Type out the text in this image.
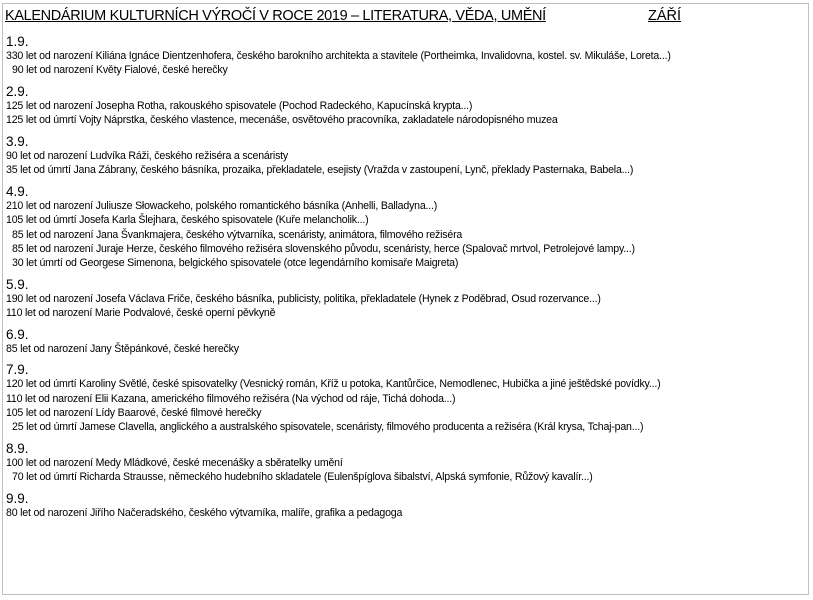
KALENDÁRIUM KULTURNÍCH VÝROČÍ V ROCE 2019 – LITERATURA, VĚDA, UMĚNÍ	ZÁŘÍ
1.9.
330 let od narození Kiliána Ignáce Dientzenhofera, českého barokního architekta a stavitele (Portheimka, Invalidovna, kostel. sv. Mikuláše, Loreta...)
90 let od narození Květy Fialové, české herečky
2.9.
125 let od narození Josepha Rotha, rakouského spisovatele (Pochod Radeckého, Kapucínská krypta...)
125 let od úmrtí Vojty Náprstka, českého vlastence, mecenáše, osvětového pracovníka, zakladatele národopisného muzea
3.9.
90 let od narození Ludvíka Ráži, českého režiséra a scenáristy
35 let od úmrtí Jana Zábrany, českého básníka, prozaika, překladatele, esejisty (Vražda v zastoupení, Lynč, překlady Pasternaka, Babela...)
4.9.
210 let od narození Juliusze Słowackeho, polského romantického básníka (Anhelli, Balladyna...)
105 let od úmrtí Josefa Karla Šlejhara, českého spisovatele (Kuře melancholik...)
85 let od narození Jana Švankmajera, českého výtvarníka, scenáristy, animátora, filmového režiséra
85 let od narození Juraje Herze, českého filmového režiséra slovenského původu, scenáristy, herce (Spalovač mrtvol, Petrolejové lampy...)
30 let úmrtí od Georgese Simenona, belgického spisovatele (otce legendárního komisaře Maigreta)
5.9.
190 let od narození Josefa Václava Friče, českého básníka, publicisty, politika, překladatele (Hynek z Poděbrad, Osud rozervance...)
110 let od narození Marie Podvalové, české operní pěvkyně
6.9.
85 let od narození Jany Štěpánkové, české herečky
7.9.
120 let od úmrtí Karoliny Světlé, české spisovatelky (Vesnický román, Kříž u potoka, Kantůrčice, Nemodlenec, Hubička a jiné ještědské povídky...)
110 let od narození Elii Kazana, amerického filmového režiséra (Na východ od ráje, Tichá dohoda...)
105 let od narození Lídy Baarové, české filmové herečky
25 let od úmrtí Jamese Clavella, anglického a australského spisovatele, scenáristy, filmového producenta a režiséra (Král krysa, Tchaj-pan...)
8.9.
100 let od narození Medy Mládkové, české mecenášky a sběratelky umění
70 let od úmrtí Richarda Strausse, německého hudebního skladatele (Eulenšpíglova šibalství, Alpská symfonie, Růžový kavalír...)
9.9.
80 let od narození Jiřího Načeradského, českého výtvarníka, malíře, grafika a pedagoga
